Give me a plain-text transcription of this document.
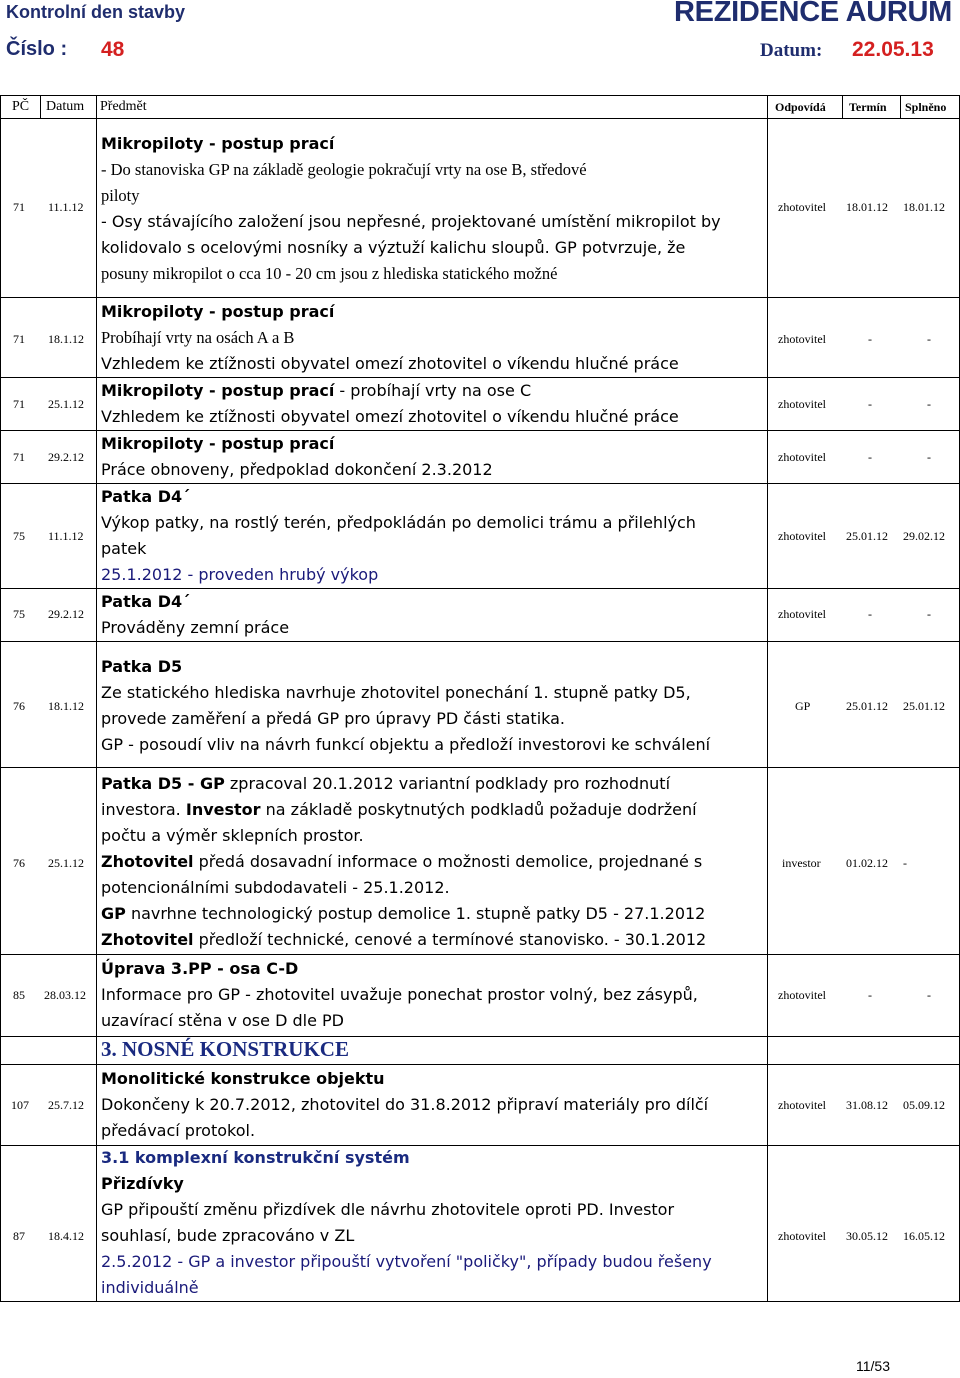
Kontrolní den stavby	REZIDENCE AURUM
Číslo : 48	Datum: 22.05.13
PČ Datum Předmět	Odpovídá Termín Splněno
71 11.1.12	zhotovitel 18.01.12 18.01.12
Mikropiloty - postup prací
- Do stanoviska GP na základě geologie pokračují vrty na ose B, středové
piloty
- Osy stávajícího založení jsou nepřesné, projektované umístění mikropilot by
kolidovalo s ocelovými nosníky a výztuží kalichu sloupů. GP potvrzuje, že
posuny mikropilot o cca 10 - 20 cm jsou z hlediska statického možné
71 18.1.12	zhotovitel	-	-
Mikropiloty - postup prací
Probíhají vrty na osách A a B
Vzhledem ke ztížnosti obyvatel omezí zhotovitel o víkendu hlučné práce
71 25.1.12	zhotovitel	-	-
Mikropiloty - postup prací - probíhají vrty na ose C
Vzhledem ke ztížnosti obyvatel omezí zhotovitel o víkendu hlučné práce
71 29.2.12	zhotovitel	-	-
Mikropiloty - postup prací
Práce obnoveny, předpoklad dokončení 2.3.2012
75 11.1.12	zhotovitel 25.01.12 29.02.12
Patka D4´
Výkop patky, na rostlý terén, předpokládán po demolici trámu a přilehlých
patek
25.1.2012 - proveden hrubý výkop
75 29.2.12	zhotovitel	-	-
Patka D4´
Prováděny zemní práce
76 18.1.12	GP	25.01.12 25.01.12
Patka D5
Ze statického hlediska navrhuje zhotovitel ponechání 1. stupně patky D5,
provede zaměření a předá GP pro úpravy PD části statika.
GP - posoudí vliv na návrh funkcí objektu a předloží investorovi ke schválení
76 25.1.12	investor 01.02.12 -
Patka D5 - GP zpracoval 20.1.2012 variantní podklady pro rozhodnutí
investora. Investor na základě poskytnutých podkladů požaduje dodržení
počtu a výměr sklepních prostor.
Zhotovitel předá dosavadní informace o možnosti demolice, projednané s
potencionálními subdodavateli - 25.1.2012.
GP navrhne technologický postup demolice 1. stupně patky D5 - 27.1.2012
Zhotovitel předloží technické, cenové a termínové stanovisko. - 30.1.2012
85 28.03.12	zhotovitel	-	-
Úprava 3.PP - osa C-D
Informace pro GP - zhotovitel uvažuje ponechat prostor volný, bez zásypů,
uzavírací stěna v ose D dle PD
3. NOSNÉ KONSTRUKCE
107 25.7.12	zhotovitel 31.08.12 05.09.12
Monolitické konstrukce objektu
Dokončeny k 20.7.2012, zhotovitel do 31.8.2012 připraví materiály pro dílčí
předávací protokol.
3.1 komplexní konstrukční systém
87 18.4.12	zhotovitel 30.05.12 16.05.12
Přizdívky
GP připouští změnu přizdívek dle návrhu zhotovitele oproti PD. Investor
souhlasí, bude zpracováno v ZL
2.5.2012 - GP a investor připouští vytvoření "poličky", případy budou řešeny
individuálně
11/53
